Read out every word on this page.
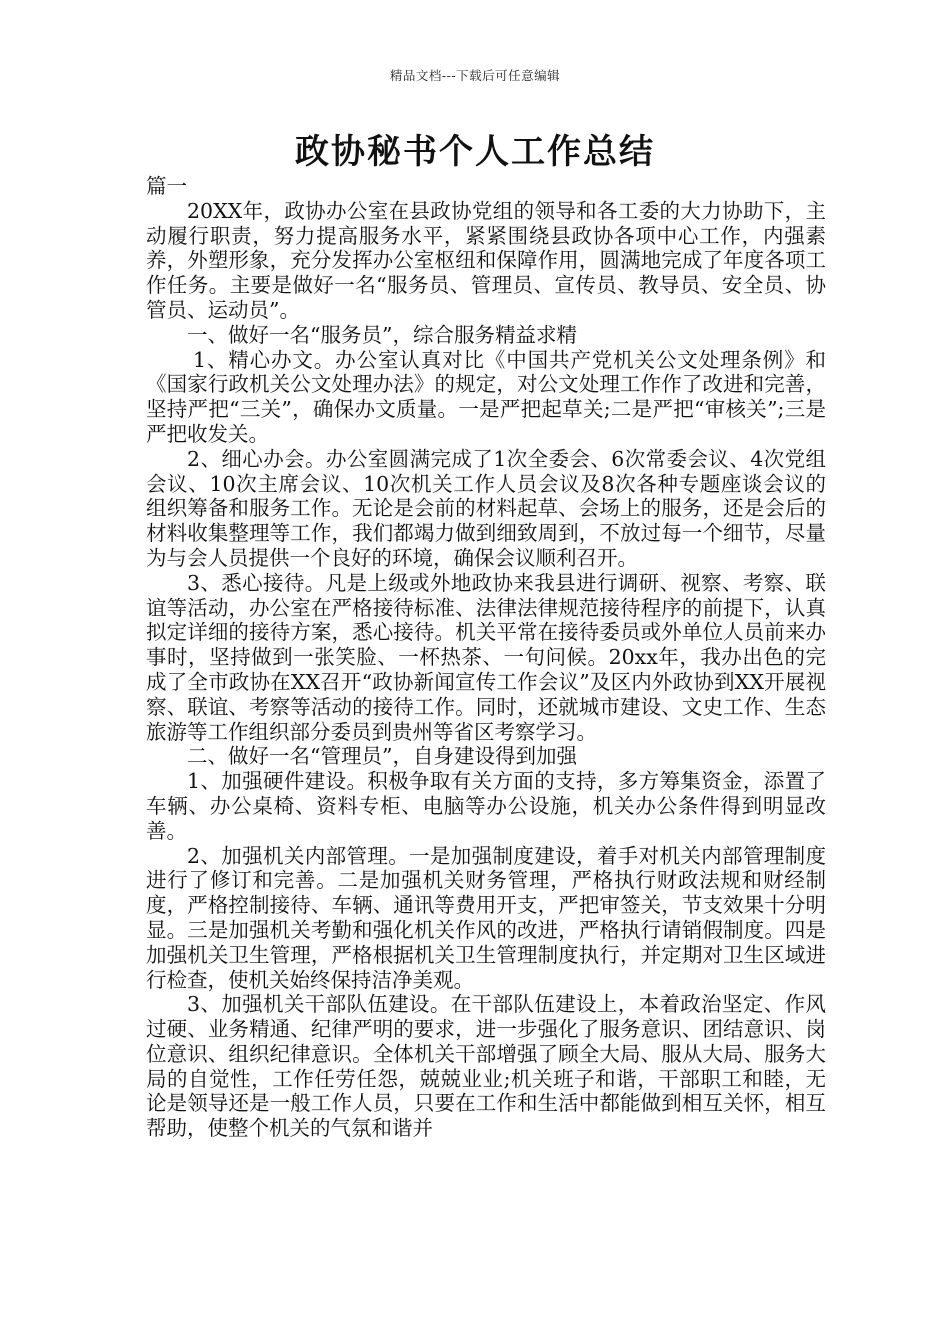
精品文档---下载后可任意编辑
政协秘书个人工作总结

篇一

20XX年，政协办公室在县政协党组的领导和各工委的大力协助下，主动履行职责，努力提高服务水平，紧紧围绕县政协各项中心工作，内强素养，外塑形象，充分发挥办公室枢纽和保障作用，圆满地完成了年度各项工作任务。主要是做好一名“服务员、管理员、宣传员、教导员、安全员、协管员、运动员”。

一、做好一名“服务员”，综合服务精益求精

1、精心办文。办公室认真对比《中国共产党机关公文处理条例》和《国家行政机关公文处理办法》的规定，对公文处理工作作了改进和完善，坚持严把“三关”，确保办文质量。一是严把起草关;二是严把“审核关”;三是严把收发关。

2、细心办会。办公室圆满完成了1次全委会、6次常委会议、4次党组会议、10次主席会议、10次机关工作人员会议及8次各种专题座谈会议的组织筹备和服务工作。无论是会前的材料起草、会场上的服务，还是会后的材料收集整理等工作，我们都竭力做到细致周到，不放过每一个细节，尽量为与会人员提供一个良好的环境，确保会议顺利召开。

3、悉心接待。凡是上级或外地政协来我县进行调研、视察、考察、联谊等活动，办公室在严格接待标准、法律法律规范接待程序的前提下，认真拟定详细的接待方案，悉心接待。机关平常在接待委员或外单位人员前来办事时，坚持做到一张笑脸、一杯热茶、一句问候。20xx年，我办出色的完成了全市政协在XX召开“政协新闻宣传工作会议”及区内外政协到XX开展视察、联谊、考察等活动的接待工作。同时，还就城市建设、文史工作、生态旅游等工作组织部分委员到贵州等省区考察学习。

二、做好一名“管理员”，自身建设得到加强

1、加强硬件建设。积极争取有关方面的支持，多方筹集资金，添置了车辆、办公桌椅、资料专柜、电脑等办公设施，机关办公条件得到明显改善。

2、加强机关内部管理。一是加强制度建设，着手对机关内部管理制度进行了修订和完善。二是加强机关财务管理，严格执行财政法规和财经制度，严格控制接待、车辆、通讯等费用开支，严把审签关，节支效果十分明显。三是加强机关考勤和强化机关作风的改进，严格执行请销假制度。四是加强机关卫生管理，严格根据机关卫生管理制度执行，并定期对卫生区域进行检查，使机关始终保持洁净美观。

3、加强机关干部队伍建设。在干部队伍建设上，本着政治坚定、作风过硬、业务精通、纪律严明的要求，进一步强化了服务意识、团结意识、岗位意识、组织纪律意识。全体机关干部增强了顾全大局、服从大局、服务大局的自觉性，工作任劳任怨，兢兢业业;机关班子和谐，干部职工和睦，无论是领导还是一般工作人员，只要在工作和生活中都能做到相互关怀，相互帮助，使整个机关的气氛和谐并
